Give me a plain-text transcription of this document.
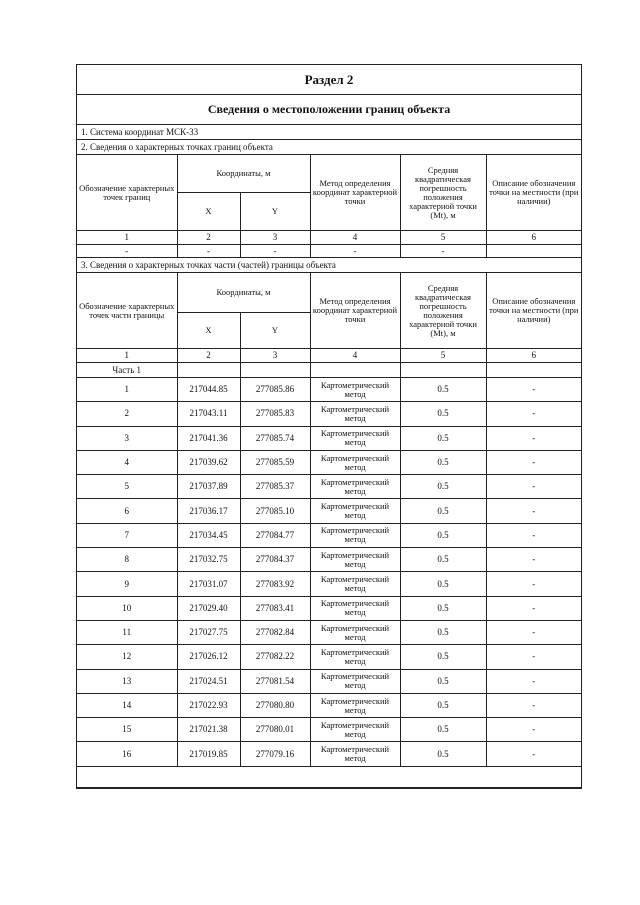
Раздел 2					
Сведения о местоположении границ объекта					
1. Система координат МСК-33					
2. Сведения о характерных точках границ объекта					
Обозначение характерных точек границ	Координаты, м		Метод определения координат характерной точки	Средняя квадратическая погрешность положения характерной точки (Mt), м	Описание обозначения точки на местности (при наличии)
	X	Y			
1	2	3	4	5	6
-	-	-	-	-	
3. Сведения о характерных точках части (частей) границы объекта					
Обозначение характерных точек части границы	Координаты, м		Метод определения координат характерной точки	Средняя квадратическая погрешность положения характерной точки (Mt), м	Описание обозначения точки на местности (при наличии)
	X	Y			
1	2	3	4	5	6
Часть 1					
1	217044.85	277085.86	Картометрический метод	0.5	-
2	217043.11	277085.83	Картометрический метод	0.5	-
3	217041.36	277085.74	Картометрический метод	0.5	-
4	217039.62	277085.59	Картометрический метод	0.5	-
5	217037.89	277085.37	Картометрический метод	0.5	-
6	217036.17	277085.10	Картометрический метод	0.5	-
7	217034.45	277084.77	Картометрический метод	0.5	-
8	217032.75	277084.37	Картометрический метод	0.5	-
9	217031.07	277083.92	Картометрический метод	0.5	-
10	217029.40	277083.41	Картометрический метод	0.5	-
11	217027.75	277082.84	Картометрический метод	0.5	-
12	217026.12	277082.22	Картометрический метод	0.5	-
13	217024.51	277081.54	Картометрический метод	0.5	-
14	217022.93	277080.80	Картометрический метод	0.5	-
15	217021.38	277080.01	Картометрический метод	0.5	-
16	217019.85	277079.16	Картометрический метод	0.5	-
